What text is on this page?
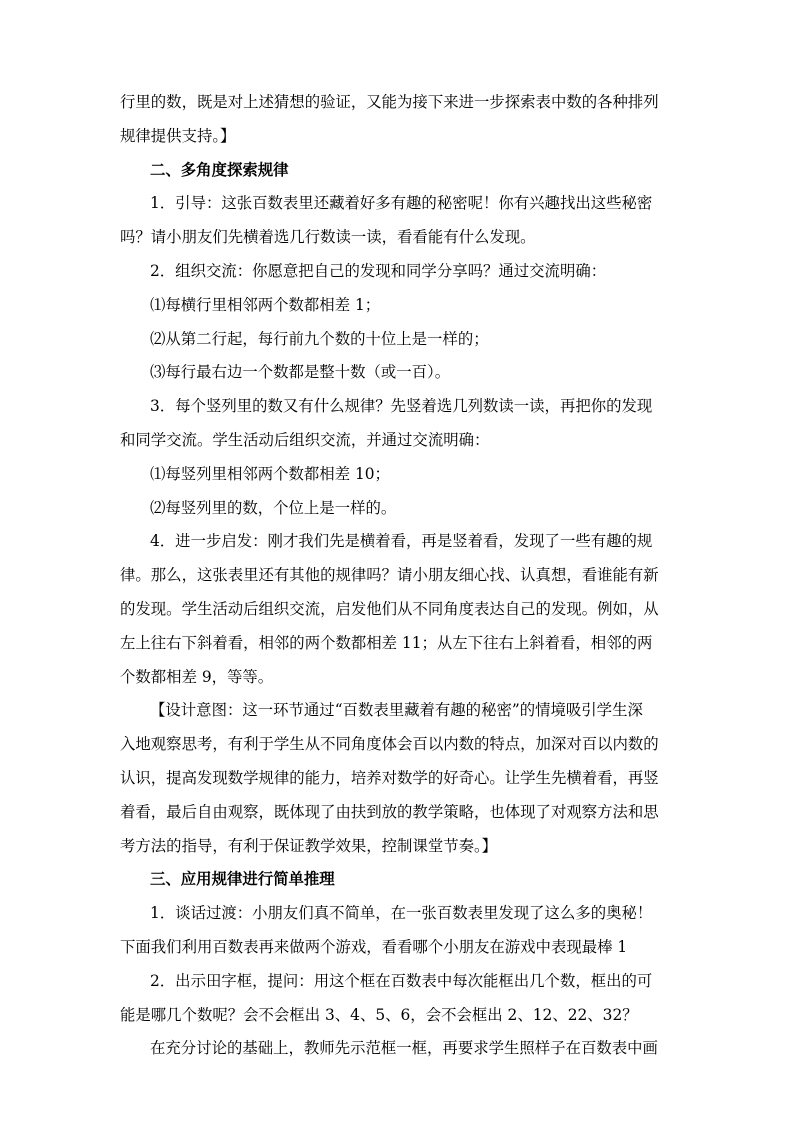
行里的数，既是对上述猜想的验证，又能为接下来进一步探索表中数的各种排列
规律提供支持。】
二、多角度探索规律
1．引导：这张百数表里还藏着好多有趣的秘密呢！你有兴趣找出这些秘密
吗？请小朋友们先横着选几行数读一读，看看能有什么发现。
2．组织交流：你愿意把自己的发现和同学分享吗？通过交流明确：
⑴每横行里相邻两个数都相差 1；
⑵从第二行起，每行前九个数的十位上是一样的；
⑶每行最右边一个数都是整十数（或一百）。
3．每个竖列里的数又有什么规律？先竖着选几列数读一读，再把你的发现
和同学交流。学生活动后组织交流，并通过交流明确：
⑴每竖列里相邻两个数都相差 10；
⑵每竖列里的数，个位上是一样的。
4．进一步启发：刚才我们先是横着看，再是竖着看，发现了一些有趣的规
律。那么，这张表里还有其他的规律吗？请小朋友细心找、认真想，看谁能有新
的发现。学生活动后组织交流，启发他们从不同角度表达自己的发现。例如，从
左上往右下斜着看，相邻的两个数都相差 11；从左下往右上斜着看，相邻的两
个数都相差 9，等等。
【设计意图：这一环节通过“百数表里藏着有趣的秘密”的情境吸引学生深
入地观察思考，有利于学生从不同角度体会百以内数的特点，加深对百以内数的
认识，提高发现数学规律的能力，培养对数学的好奇心。让学生先横着看，再竖
着看，最后自由观察，既体现了由扶到放的教学策略，也体现了对观察方法和思
考方法的指导，有利于保证教学效果，控制课堂节奏。】
三、应用规律进行简单推理
1．谈话过渡：小朋友们真不简单，在一张百数表里发现了这么多的奥秘！
下面我们利用百数表再来做两个游戏，看看哪个小朋友在游戏中表现最棒 1
2．出示田字框，提问：用这个框在百数表中每次能框出几个数，框出的可
能是哪几个数呢？会不会框出 3、4、5、6，会不会框出 2、12、22、32？
在充分讨论的基础上，教师先示范框一框，再要求学生照样子在百数表中画
